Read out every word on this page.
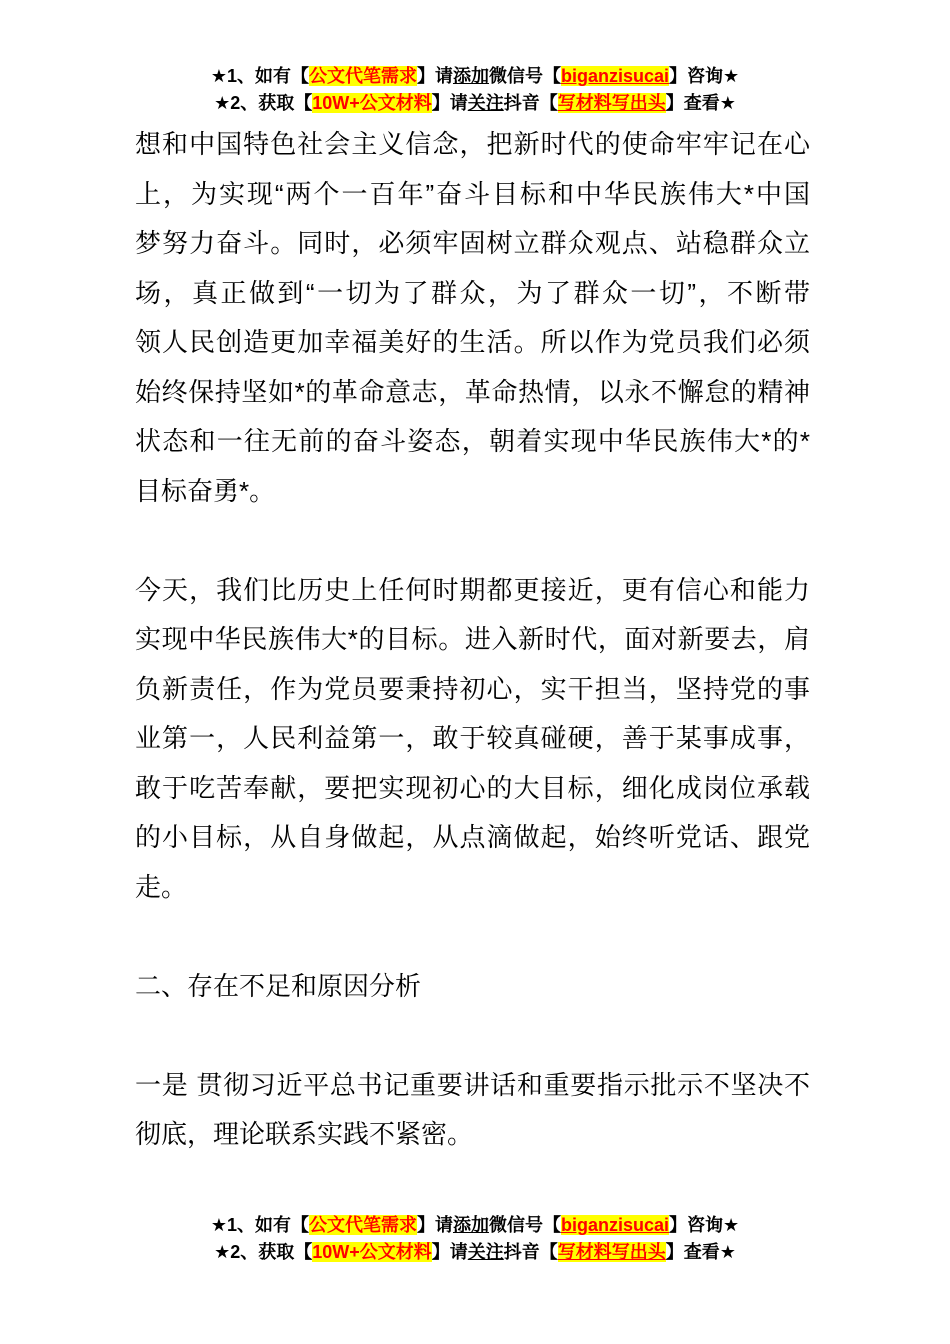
★1、如有【公文代笔需求】请添加微信号【biganzisucai】咨询★
★2、获取【10W+公文材料】请关注抖音【写材料写出头】查看★
想和中国特色社会主义信念，把新时代的使命牢牢记在心
上，为实现“两个一百年”奋斗目标和中华民族伟大*中国
梦努力奋斗。同时，必须牢固树立群众观点、站稳群众立
场，真正做到“一切为了群众，为了群众一切”，不断带
领人民创造更加幸福美好的生活。所以作为党员我们必须
始终保持坚如*的革命意志，革命热情，以永不懈怠的精神
状态和一往无前的奋斗姿态，朝着实现中华民族伟大*的*
目标奋勇*。
今天，我们比历史上任何时期都更接近，更有信心和能力
实现中华民族伟大*的目标。进入新时代，面对新要去，肩
负新责任，作为党员要秉持初心，实干担当，坚持党的事
业第一，人民利益第一，敢于较真碰硬，善于某事成事，
敢于吃苦奉献，要把实现初心的大目标，细化成岗位承载
的小目标，从自身做起，从点滴做起，始终听党话、跟党
走。
二、存在不足和原因分析
一是 贯彻习近平总书记重要讲话和重要指示批示不坚决不
彻底，理论联系实践不紧密。
★1、如有【公文代笔需求】请添加微信号【biganzisucai】咨询★
★2、获取【10W+公文材料】请关注抖音【写材料写出头】查看★
